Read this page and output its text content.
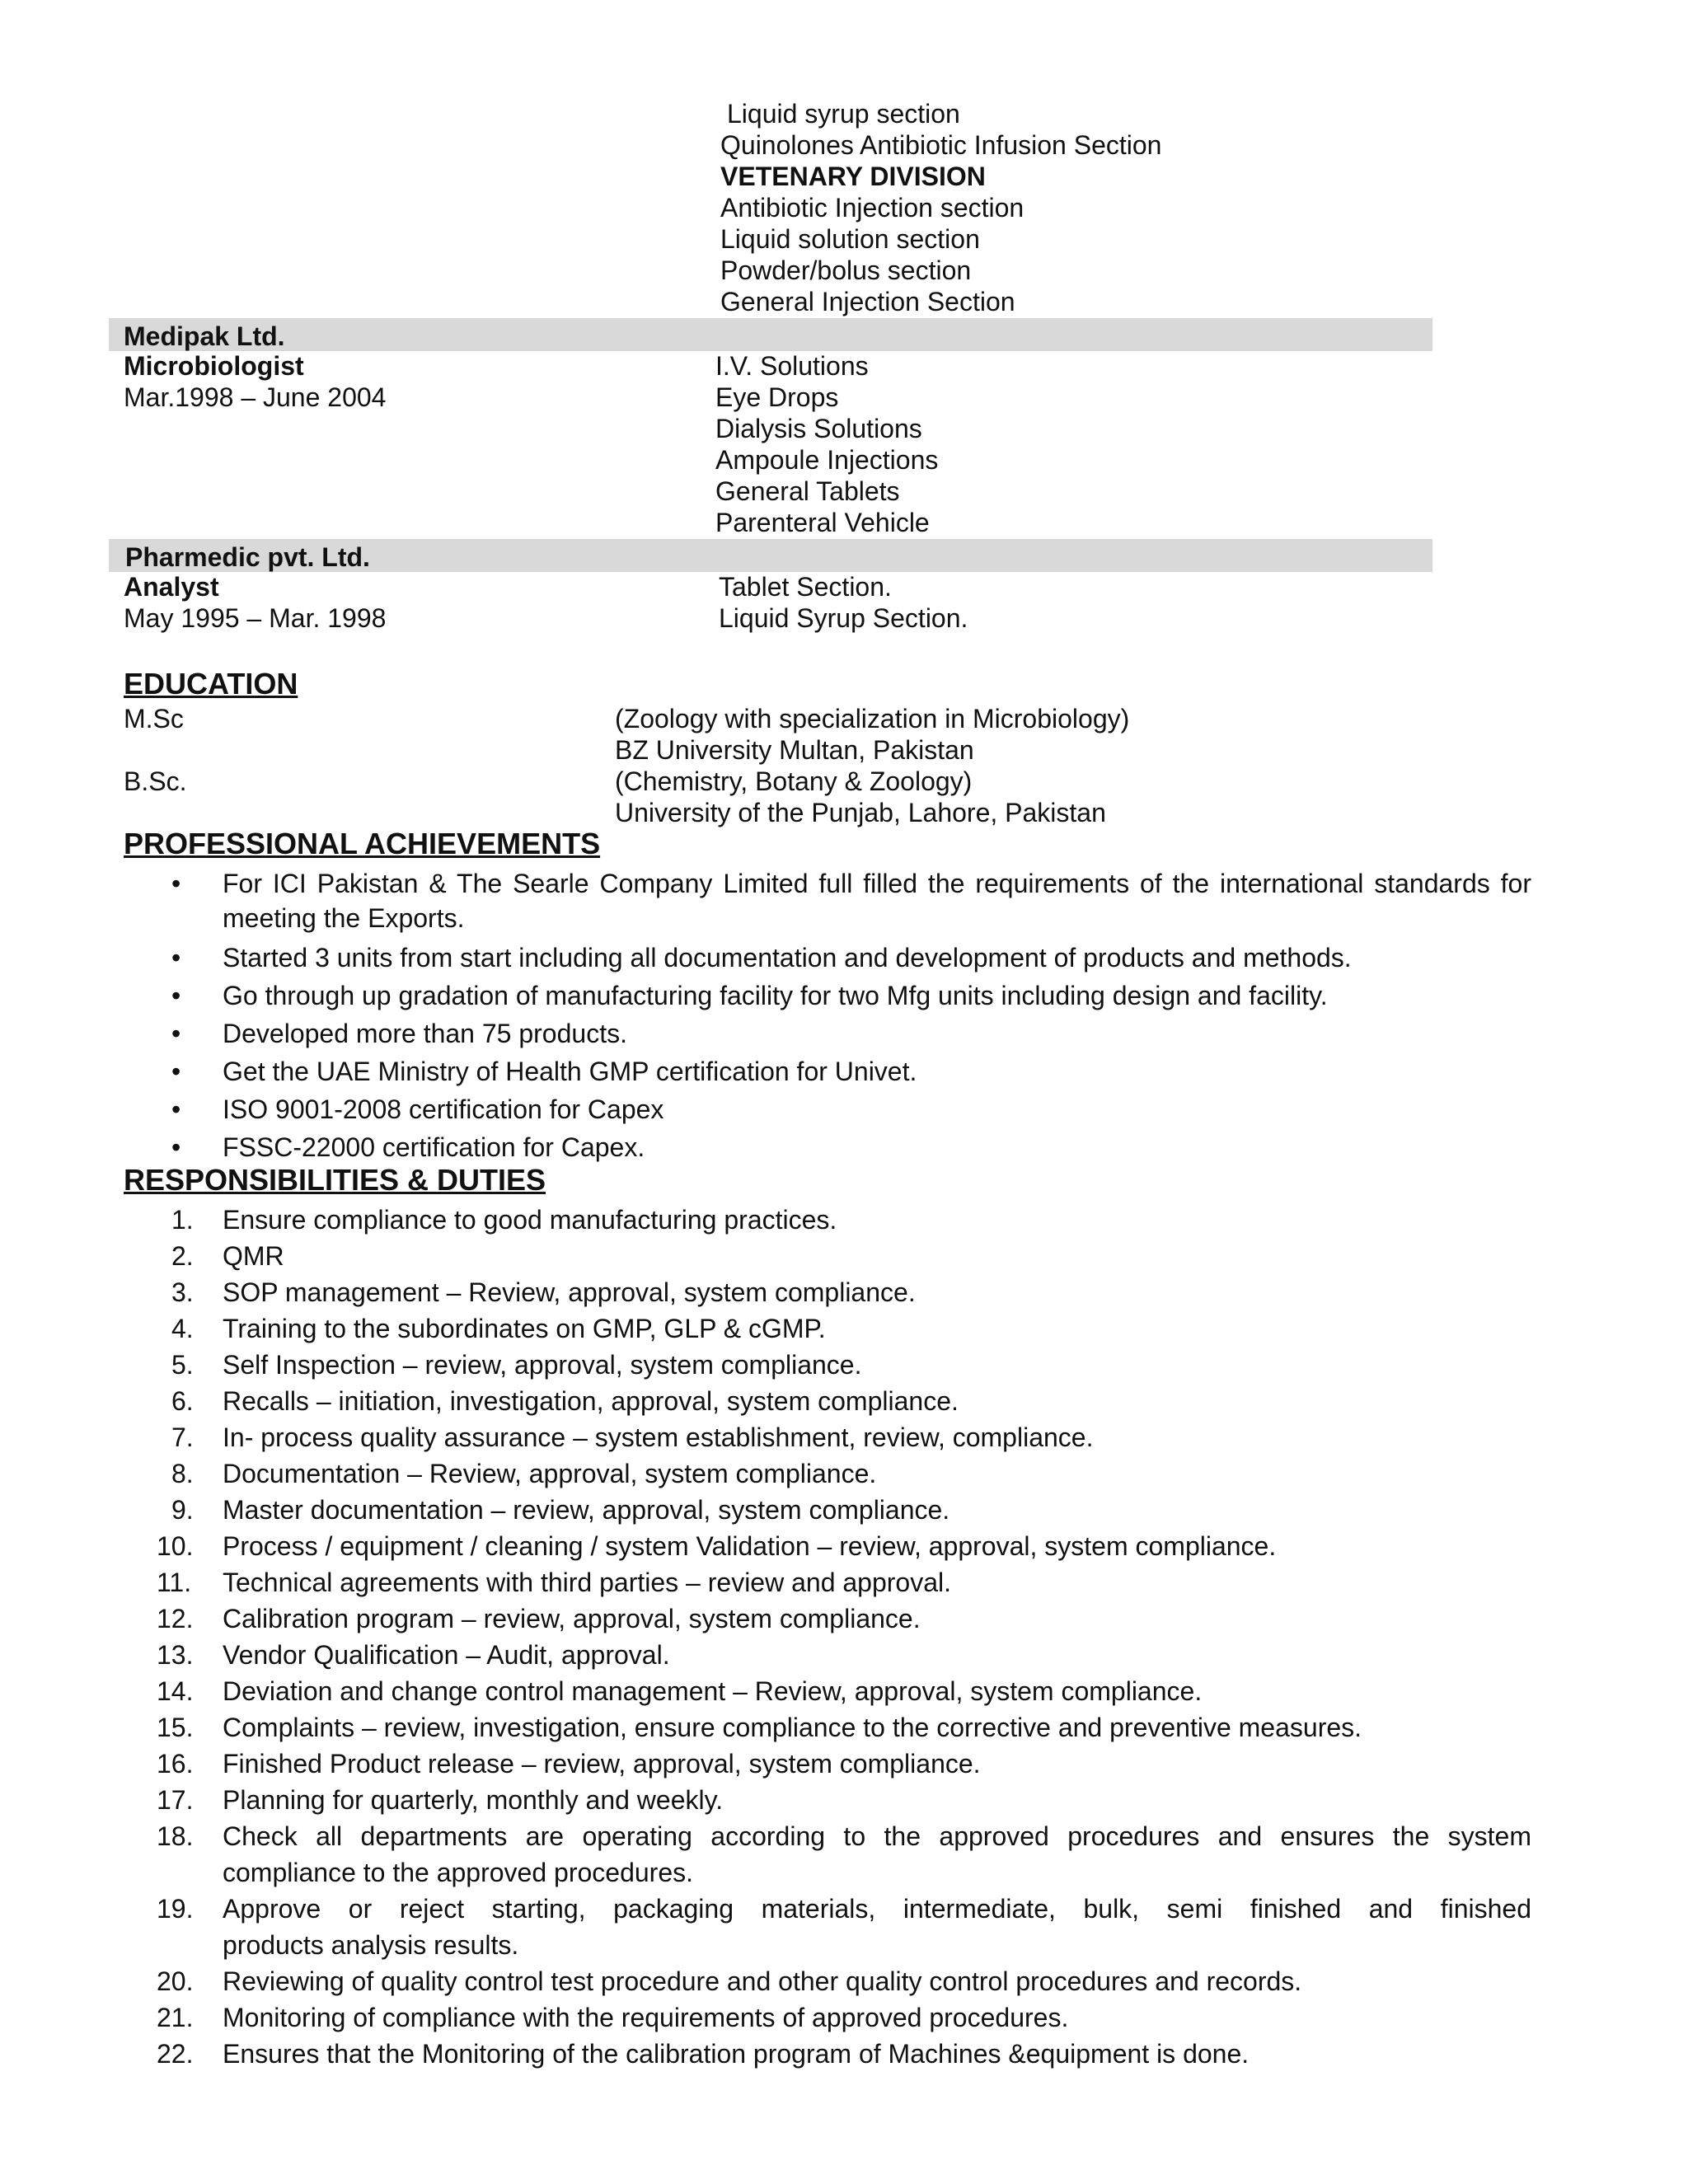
Liquid syrup section
Quinolones Antibiotic Infusion Section
VETENARY DIVISION
Antibiotic Injection section
Liquid solution section
Powder/bolus section
General Injection Section
Medipak Ltd.
Microbiologist
Mar.1998 – June 2004
I.V. Solutions
Eye Drops
Dialysis Solutions
Ampoule Injections
General Tablets
Parenteral Vehicle
Pharmedic pvt. Ltd.
Analyst
May 1995 – Mar. 1998
Tablet Section.
Liquid Syrup Section.
EDUCATION
M.Sc	(Zoology with specialization in Microbiology)
BZ University Multan, Pakistan
B.Sc.	(Chemistry, Botany & Zoology)
University of the Punjab, Lahore, Pakistan
PROFESSIONAL ACHIEVEMENTS
• For ICI Pakistan & The Searle Company Limited full filled the requirements of the international standards for
meeting the Exports.
• Started 3 units from start including all documentation and development of products and methods.
• Go through up gradation of manufacturing facility for two Mfg units including design and facility.
• Developed more than 75 products.
• Get the UAE Ministry of Health GMP certification for Univet.
• ISO 9001-2008 certification for Capex
• FSSC-22000 certification for Capex.
RESPONSIBILITIES & DUTIES
1. Ensure compliance to good manufacturing practices.
2. QMR
3. SOP management – Review, approval, system compliance.
4. Training to the subordinates on GMP, GLP & cGMP.
5. Self Inspection – review, approval, system compliance.
6. Recalls – initiation, investigation, approval, system compliance.
7. In- process quality assurance – system establishment, review, compliance.
8. Documentation – Review, approval, system compliance.
9. Master documentation – review, approval, system compliance.
10. Process / equipment / cleaning / system Validation – review, approval, system compliance.
11. Technical agreements with third parties – review and approval.
12. Calibration program – review, approval, system compliance.
13. Vendor Qualification – Audit, approval.
14. Deviation and change control management – Review, approval, system compliance.
15. Complaints – review, investigation, ensure compliance to the corrective and preventive measures.
16. Finished Product release – review, approval, system compliance.
17. Planning for quarterly, monthly and weekly.
18. Check all departments are operating according to the approved procedures and ensures the system
compliance to the approved procedures.
19. Approve or reject starting, packaging materials, intermediate, bulk, semi finished and finished
products analysis results.
20. Reviewing of quality control test procedure and other quality control procedures and records.
21. Monitoring of compliance with the requirements of approved procedures.
22. Ensures that the Monitoring of the calibration program of Machines &equipment is done.
